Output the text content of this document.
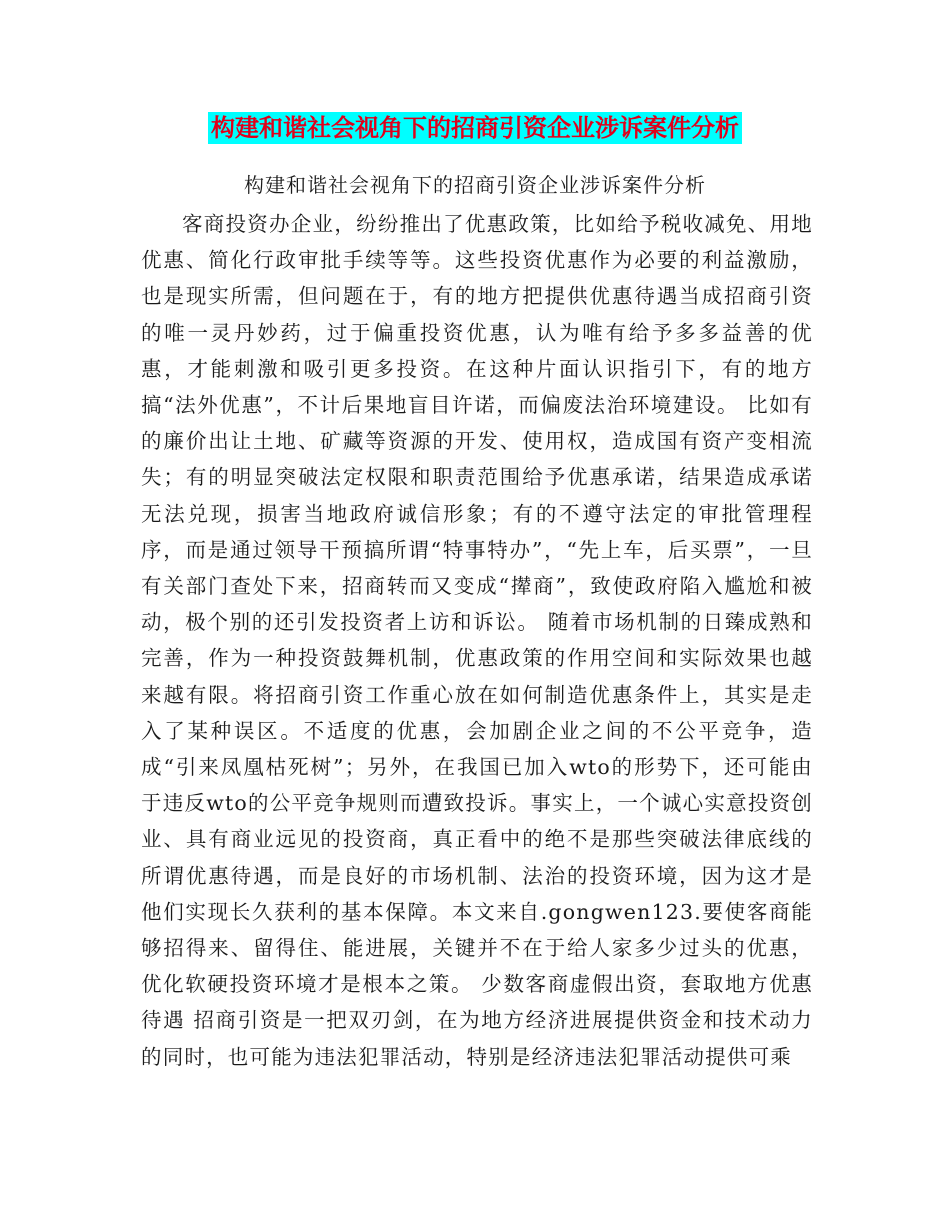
构建和谐社会视角下的招商引资企业涉诉案件分析
构建和谐社会视角下的招商引资企业涉诉案件分析

客商投资办企业，纷纷推出了优惠政策，比如给予税收减免、用地优惠、简化行政审批手续等等。这些投资优惠作为必要的利益激励，也是现实所需，但问题在于，有的地方把提供优惠待遇当成招商引资的唯一灵丹妙药，过于偏重投资优惠，认为唯有给予多多益善的优惠，才能刺激和吸引更多投资。在这种片面认识指引下，有的地方搞“法外优惠”，不计后果地盲目许诺，而偏废法治环境建设。 比如有的廉价出让土地、矿藏等资源的开发、使用权，造成国有资产变相流失；有的明显突破法定权限和职责范围给予优惠承诺，结果造成承诺无法兑现，损害当地政府诚信形象；有的不遵守法定的审批管理程序，而是通过领导干预搞所谓“特事特办”，“先上车，后买票”，一旦有关部门查处下来，招商转而又变成“撵商”，致使政府陷入尴尬和被动，极个别的还引发投资者上访和诉讼。 随着市场机制的日臻成熟和完善，作为一种投资鼓舞机制，优惠政策的作用空间和实际效果也越来越有限。将招商引资工作重心放在如何制造优惠条件上，其实是走入了某种误区。不适度的优惠，会加剧企业之间的不公平竞争，造成“引来凤凰枯死树”；另外，在我国已加入wto的形势下，还可能由于违反wto的公平竞争规则而遭致投诉。事实上，一个诚心实意投资创业、具有商业远见的投资商，真正看中的绝不是那些突破法律底线的所谓优惠待遇，而是良好的市场机制、法治的投资环境，因为这才是他们实现长久获利的基本保障。本文来自.gongwen123.要使客商能够招得来、留得住、能进展，关键并不在于给人家多少过头的优惠，优化软硬投资环境才是根本之策。 少数客商虚假出资，套取地方优惠待遇 招商引资是一把双刃剑，在为地方经济进展提供资金和技术动力的同时，也可能为违法犯罪活动，特别是经济违法犯罪活动提供可乘
